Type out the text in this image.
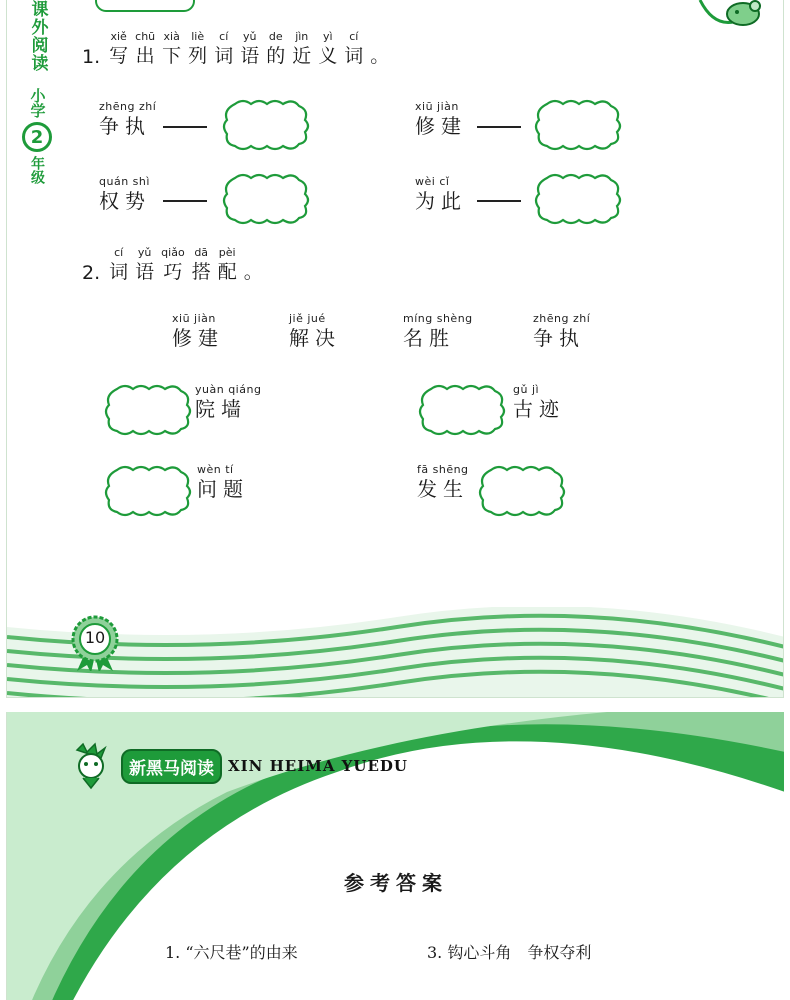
课外阅读
小学
2
年级
1.
xiě
写
chū
出
xià
下
liè
列
cí
词
yǔ
语
de
的
jìn
近
yì
义
cí
词 。
zhēng zhí
争执
xiū jiàn
修建
quán shì
权势
wèi cǐ
为此
2.
cí
词
yǔ
语
qiǎo
巧
dā
搭
pèi
配 。
xiū jiàn
修建
jiě jué
解决
míng shèng
名胜
zhēng zhí
争执
yuàn qiáng
院墙
gǔ jì
古迹
wèn tí
问题
fā shēng
发生
10
新黑马阅读 XIN HEIMA YUEDU
参考答案
1. “六尺巷”的由来	3. 钩心斗角　争权夺利
